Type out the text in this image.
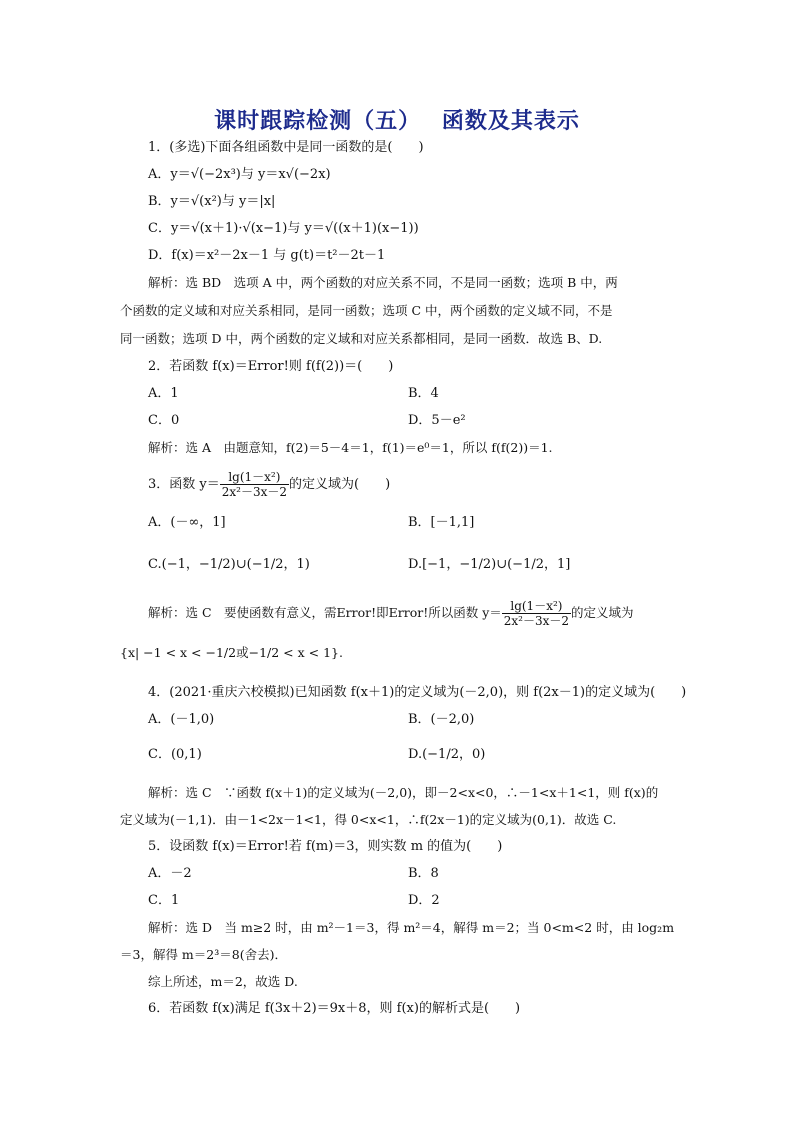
课时跟踪检测（五）　 函数及其表示
1．(多选)下面各组函数中是同一函数的是(　　)
A．y＝√(−2x³)与 y＝x√(−2x)
B．y＝√(x²)与 y＝|x|
C．y＝√(x＋1)·√(x−1)与 y＝√((x＋1)(x−1))
D．f(x)＝x²－2x－1 与 g(t)＝t²－2t－1
解析：选 BD　选项 A 中，两个函数的对应关系不同，不是同一函数；选项 B 中，两
个函数的定义域和对应关系相同，是同一函数；选项 C 中，两个函数的定义域不同，不是
同一函数；选项 D 中，两个函数的定义域和对应关系都相同，是同一函数．故选 B、D.
2．若函数 f(x)＝Error!则 f(f(2))＝(　　)
A．1	B．4
C．0	D．5－e²
解析：选 A　由题意知，f(2)＝5－4＝1，f(1)＝e⁰＝1，所以 f(f(2))＝1.
3．函数 $y= \frac{\text{lg(1－x²)}}{\text{2x²－3x－2}}$ 的定义域为(　　)
A．(－∞，1]	B．[－1,1]
C.(−1，−1/2)∪(−1/2，1)	D.[−1，−1/2)∪(−1/2，1]
解析：选 C　要使函数有意义，需Error!即Error!所以函数 $y= \frac{\text{lg(1－x²)}}{\text{2x²－3x－2}}$ 的定义域为
{x| −1 < x < −1/2或−1/2 < x < 1}.
4．(2021·重庆六校模拟)已知函数 f(x＋1)的定义域为(－2,0)，则 f(2x－1)的定义域为(　　)
A．(－1,0)	B．(－2,0)
C．(0,1)	D.(−1/2，0)
解析：选 C　∵函数 f(x＋1)的定义域为(－2,0)，即－2<x<0，∴－1<x＋1<1，则 f(x)的
定义域为(－1,1)．由－1<2x－1<1，得 0<x<1，∴f(2x－1)的定义域为(0,1)．故选 C.
5．设函数 f(x)＝Error!若 f(m)＝3，则实数 m 的值为(　　)
A．－2	B．8
C．1	D．2
解析：选 D　当 m≥2 时，由 m²－1＝3，得 m²＝4，解得 m＝2；当 0<m<2 时，由 log₂m
＝3，解得 m＝2³＝8(舍去)．
综上所述，m＝2，故选 D.
6．若函数 f(x)满足 f(3x＋2)＝9x＋8，则 f(x)的解析式是(　　)
